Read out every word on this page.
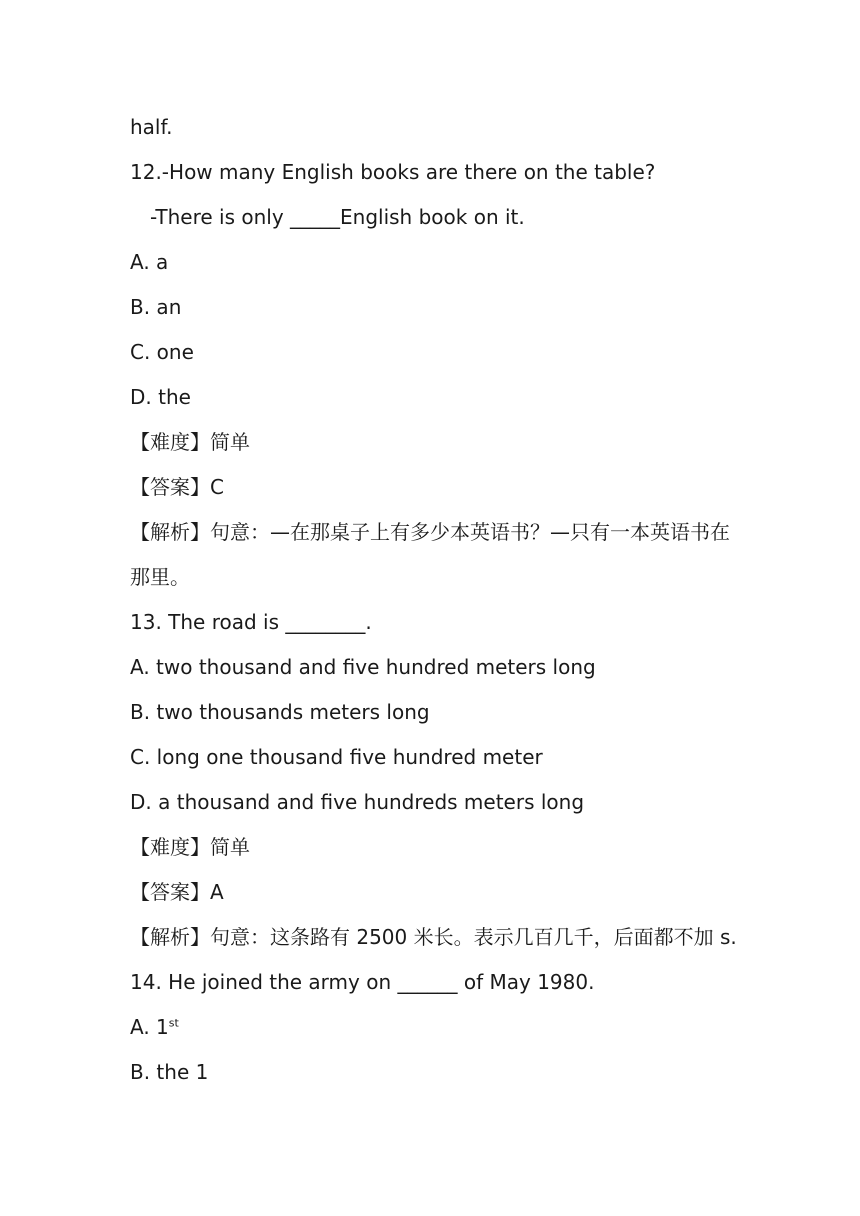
half.
12.-How many English books are there on the table?
-There is only _____English book on it.
A. a
B. an
C. one
D. the
【难度】简单
【答案】C
【解析】句意：—在那桌子上有多少本英语书？—只有一本英语书在
那里。
13. The road is ________.
A. two thousand and five hundred meters long
B. two thousands meters long
C. long one thousand five hundred meter
D. a thousand and five hundreds meters long
【难度】简单
【答案】A
【解析】句意：这条路有 2500 米长。表示几百几千，后面都不加 s.
14. He joined the army on ______ of May 1980.
A. 1st
B. the 1
